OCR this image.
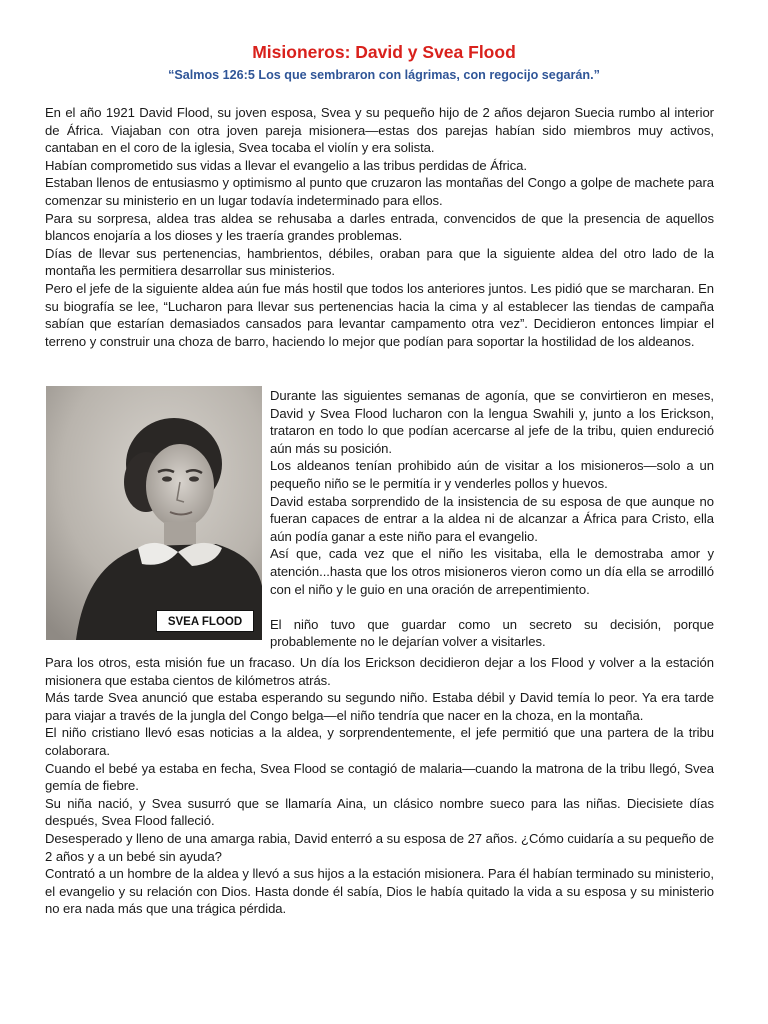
Misioneros: David y Svea Flood
“Salmos 126:5 Los que sembraron con lágrimas, con regocijo segarán.”

En el año 1921 David Flood, su joven esposa, Svea y su pequeño hijo de 2 años dejaron Suecia rumbo al interior de África. Viajaban con otra joven pareja misionera—estas dos parejas habían sido miembros muy activos, cantaban en el coro de la iglesia, Svea tocaba el violín y era solista.

Habían comprometido sus vidas a llevar el evangelio a las tribus perdidas de África.

Estaban llenos de entusiasmo y optimismo al punto que cruzaron las montañas del Congo a golpe de machete para comenzar su ministerio en un lugar todavía indeterminado para ellos.

Para su sorpresa, aldea tras aldea se rehusaba a darles entrada, convencidos de que la presencia de aquellos blancos enojaría a los dioses y les traería grandes problemas.

Días de llevar sus pertenencias, hambrientos, débiles, oraban para que la siguiente aldea del otro lado de la montaña les permitiera desarrollar sus ministerios.

Pero el jefe de la siguiente aldea aún fue más hostil que todos los anteriores juntos. Les pidió que se marcharan. En su biografía se lee, “Lucharon para llevar sus pertenencias hacia la cima y al establecer las tiendas de campaña sabían que estarían demasiados cansados para levantar campamento otra vez”. Decidieron entonces limpiar el terreno y construir una choza de barro, haciendo lo mejor que podían para soportar la hostilidad de los aldeanos.

SVEA FLOOD

Durante las siguientes semanas de agonía, que se convirtieron en meses, David y Svea Flood lucharon con la lengua Swahili y, junto a los Erickson, trataron en todo lo que podían acercarse al jefe de la tribu, quien endureció aún más su posición.

Los aldeanos tenían prohibido aún de visitar a los misioneros—solo a un pequeño niño se le permitía ir y venderles pollos y huevos.

David estaba sorprendido de la insistencia de su esposa de que aunque no fueran capaces de entrar a la aldea ni de alcanzar a África para Cristo, ella aún podía ganar a este niño para el evangelio.

Así que, cada vez que el niño les visitaba, ella le demostraba amor y atención...hasta que los otros misioneros vieron como un día ella se arrodilló con el niño y le guio en una oración de arrepentimiento.

El niño tuvo que guardar como un secreto su decisión, porque probablemente no le dejarían volver a visitarles.

Para los otros, esta misión fue un fracaso. Un día los Erickson decidieron dejar a los Flood y volver a la estación misionera que estaba cientos de kilómetros atrás.

Más tarde Svea anunció que estaba esperando su segundo niño. Estaba débil y David temía lo peor. Ya era tarde para viajar a través de la jungla del Congo belga—el niño tendría que nacer en la choza, en la montaña.

El niño cristiano llevó esas noticias a la aldea, y sorprendentemente, el jefe permitió que una partera de la tribu colaborara.

Cuando el bebé ya estaba en fecha, Svea Flood se contagió de malaria—cuando la matrona de la tribu llegó, Svea gemía de fiebre.

Su niña nació, y Svea susurró que se llamaría Aina, un clásico nombre sueco para las niñas. Diecisiete días después, Svea Flood falleció.

Desesperado y lleno de una amarga rabia, David enterró a su esposa de 27 años. ¿Cómo cuidaría a su pequeño de 2 años y a un bebé sin ayuda?

Contrató a un hombre de la aldea y llevó a sus hijos a la estación misionera. Para él habían terminado su ministerio, el evangelio y su relación con Dios. Hasta donde él sabía, Dios le había quitado la vida a su esposa y su ministerio no era nada más que una trágica pérdida.
